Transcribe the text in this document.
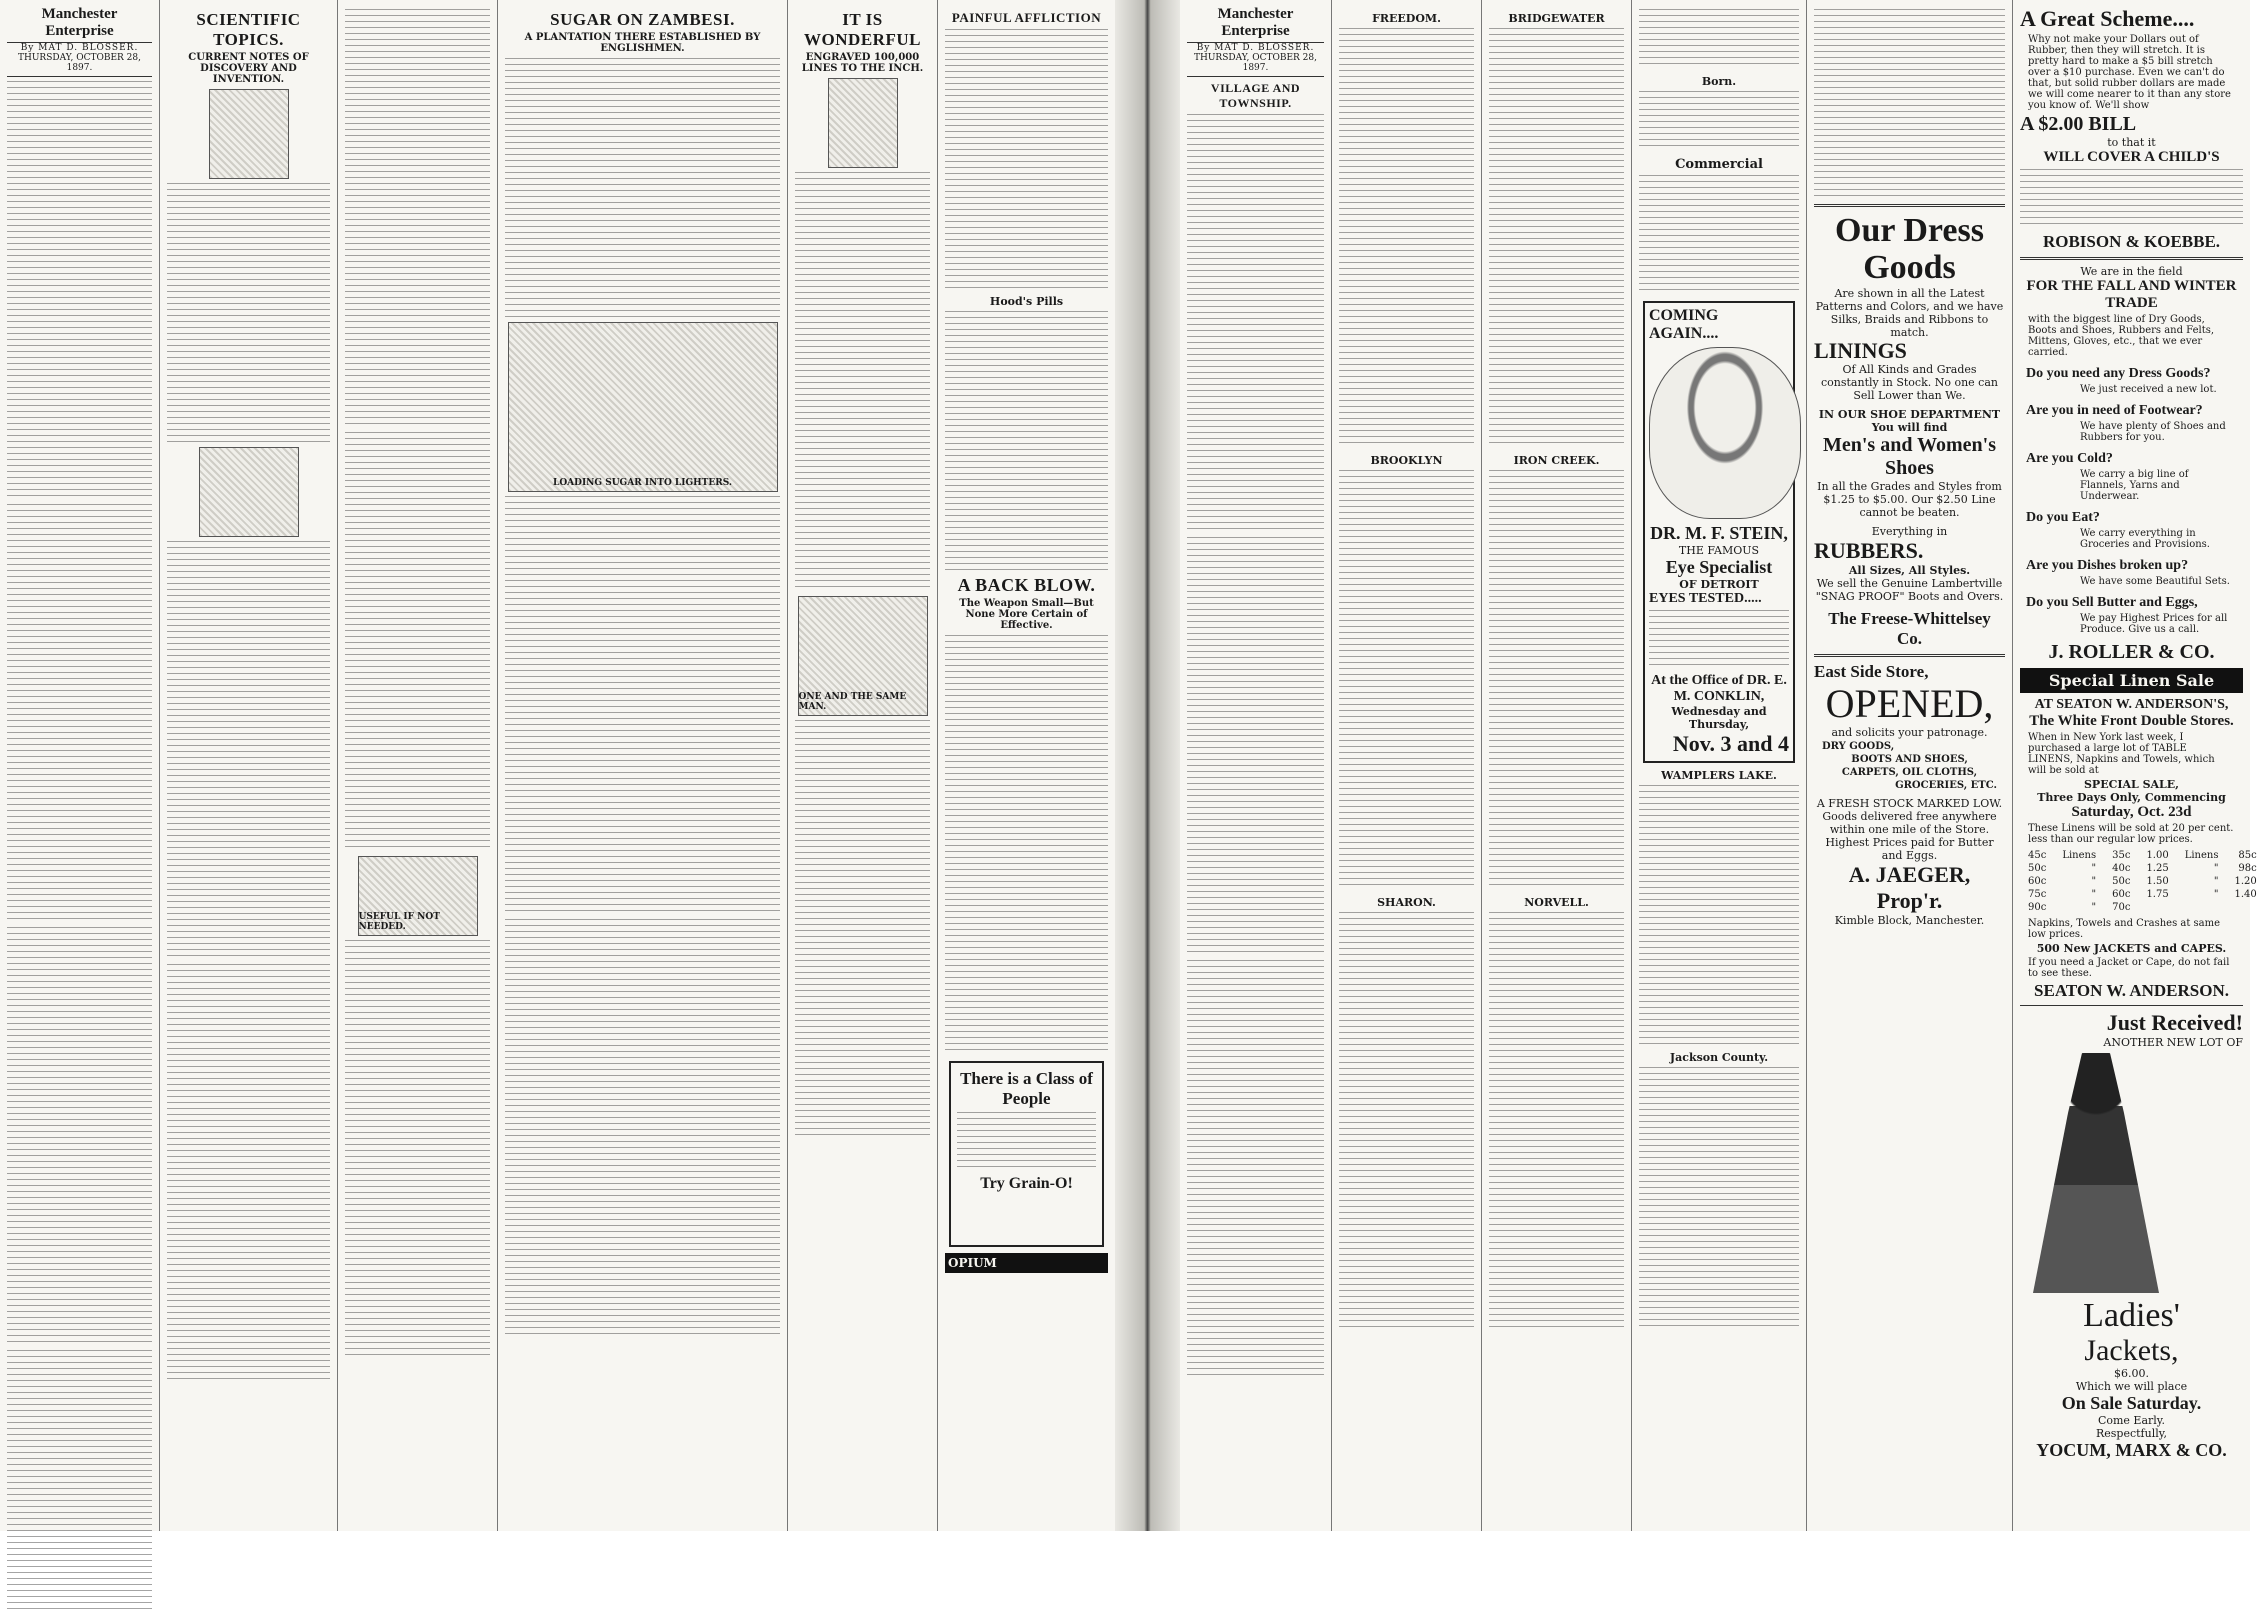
Manchester Enterprise
By MAT D. BLOSSER.
THURSDAY, OCTOBER 28, 1897.
SCIENTIFIC TOPICS.
CURRENT NOTES OF DISCOVERY AND INVENTION.
USEFUL IF NOT NEEDED.
SUGAR ON ZAMBESI.
A PLANTATION THERE ESTABLISHED BY ENGLISHMEN.
LOADING SUGAR INTO LIGHTERS.
IT IS WONDERFUL
ENGRAVED 100,000 LINES TO THE INCH.
ONE AND THE SAME MAN.
PAINFUL AFFLICTION
Hood's Pills
A BACK BLOW.
The Weapon Small—But None More Certain of Effective.
There is a Class of People
Try Grain-O!
OPIUM
Manchester Enterprise
By MAT D. BLOSSER.
THURSDAY, OCTOBER 28, 1897.
VILLAGE AND TOWNSHIP.
FREEDOM.
BROOKLYN
SHARON.
BRIDGEWATER
IRON CREEK.
NORVELL.
Born.
Commercial
COMING AGAIN....
DR. M. F. STEIN,
THE FAMOUS
Eye Specialist
OF DETROIT
EYES TESTED.....
At the Office of DR. E. M. CONKLIN,
Wednesday and Thursday,
Nov. 3 and 4
WAMPLERS LAKE.
Jackson County.
Our Dress Goods
Are shown in all the Latest Patterns and Colors, and we have Silks, Braids and Ribbons to match.
LININGS
Of All Kinds and Grades constantly in Stock. No one can Sell Lower than We.
IN OUR SHOE DEPARTMENT You will find
Men's and Women's Shoes
In all the Grades and Styles from $1.25 to $5.00. Our $2.50 Line cannot be beaten.
Everything in
RUBBERS.
All Sizes, All Styles.
We sell the Genuine Lambertville "SNAG PROOF" Boots and Overs.
The Freese-Whittelsey Co.
East Side Store,
OPENED,
and solicits your patronage.
DRY GOODS,
BOOTS AND SHOES,
CARPETS, OIL CLOTHS,
GROCERIES, ETC.
A FRESH STOCK MARKED LOW.
Goods delivered free anywhere within one mile of the Store.
Highest Prices paid for Butter and Eggs.
A. JAEGER, Prop'r.
Kimble Block, Manchester.
A Great Scheme....
Why not make your Dollars out of Rubber, then they will stretch. It is pretty hard to make a $5 bill stretch over a $10 purchase. Even we can't do that, but solid rubber dollars are made we will come nearer to it than any store you know of. We'll show
A $2.00 BILL
to that it
WILL COVER A CHILD'S
ROBISON & KOEBBE.
We are in the field
FOR THE FALL AND WINTER TRADE
with the biggest line of Dry Goods, Boots and Shoes, Rubbers and Felts, Mittens, Gloves, etc., that we ever carried.
Do you need any Dress Goods?
We just received a new lot.
Are you in need of Footwear?
We have plenty of Shoes and Rubbers for you.
Are you Cold?
We carry a big line of Flannels, Yarns and Underwear.
Do you Eat?
We carry everything in Groceries and Provisions.
Are you Dishes broken up?
We have some Beautiful Sets.
Do you Sell Butter and Eggs,
We pay Highest Prices for all Produce. Give us a call.
J. ROLLER & CO.
Special Linen Sale
AT SEATON W. ANDERSON'S,
The White Front Double Stores.
When in New York last week, I purchased a large lot of TABLE LINENS, Napkins and Towels, which will be sold at
SPECIAL SALE,
Three Days Only, Commencing
Saturday, Oct. 23d
These Linens will be sold at 20 per cent. less than our regular low prices.
45c	Linens	35c	1.00	Linens	85c
50c	"	40c	1.25	"	98c
60c	"	50c	1.50	"	1.20
75c	"	60c	1.75	"	1.40
90c	"	70c			
Napkins, Towels and Crashes at same low prices.
500 New JACKETS and CAPES.
If you need a Jacket or Cape, do not fail to see these.
SEATON W. ANDERSON.
Just Received!
ANOTHER NEW LOT OF
Ladies'
Jackets,
$6.00.
Which we will place
On Sale Saturday.
Come Early.
Respectfully,
YOCUM, MARX & CO.
